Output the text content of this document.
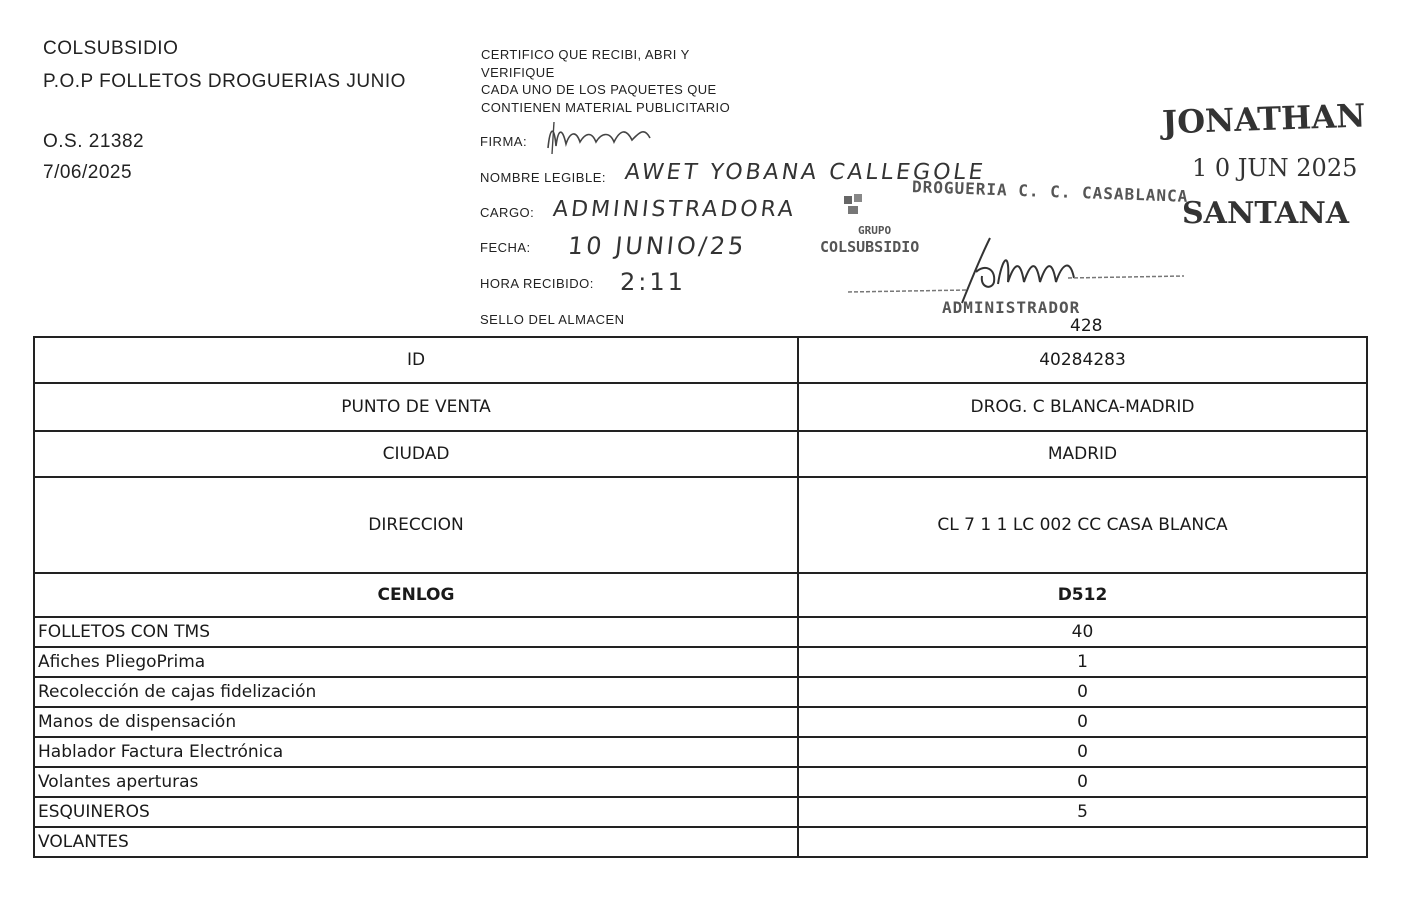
COLSUBSIDIO
P.O.P FOLLETOS DROGUERIAS JUNIO
O.S. 21382
7/06/2025
CERTIFICO QUE RECIBI, ABRI Y
VERIFIQUE
CADA UNO DE LOS PAQUETES QUE
CONTIENEN MATERIAL PUBLICITARIO
FIRMA:
NOMBRE LEGIBLE:
CARGO:
FECHA:
HORA RECIBIDO:
SELLO DEL ALMACEN
AWET YOBANA CALLEGOLE
ADMINISTRADORA
10 JUNIO/25
2:11
JONATHAN
1 0 JUN 2025
SANTANA
DROGUERIA C. C. CASABLANCA
GRUPO
COLSUBSIDIO
ADMINISTRADOR
428
ID	40284283
PUNTO DE VENTA	DROG. C BLANCA-MADRID
CIUDAD	MADRID
DIRECCION	CL 7 1 1 LC 002 CC CASA BLANCA
CENLOG	D512
FOLLETOS CON TMS	40
Afiches PliegoPrima	1
Recolección de cajas fidelización	0
Manos de dispensación	0
Hablador Factura Electrónica	0
Volantes aperturas	0
ESQUINEROS	5
VOLANTES	
